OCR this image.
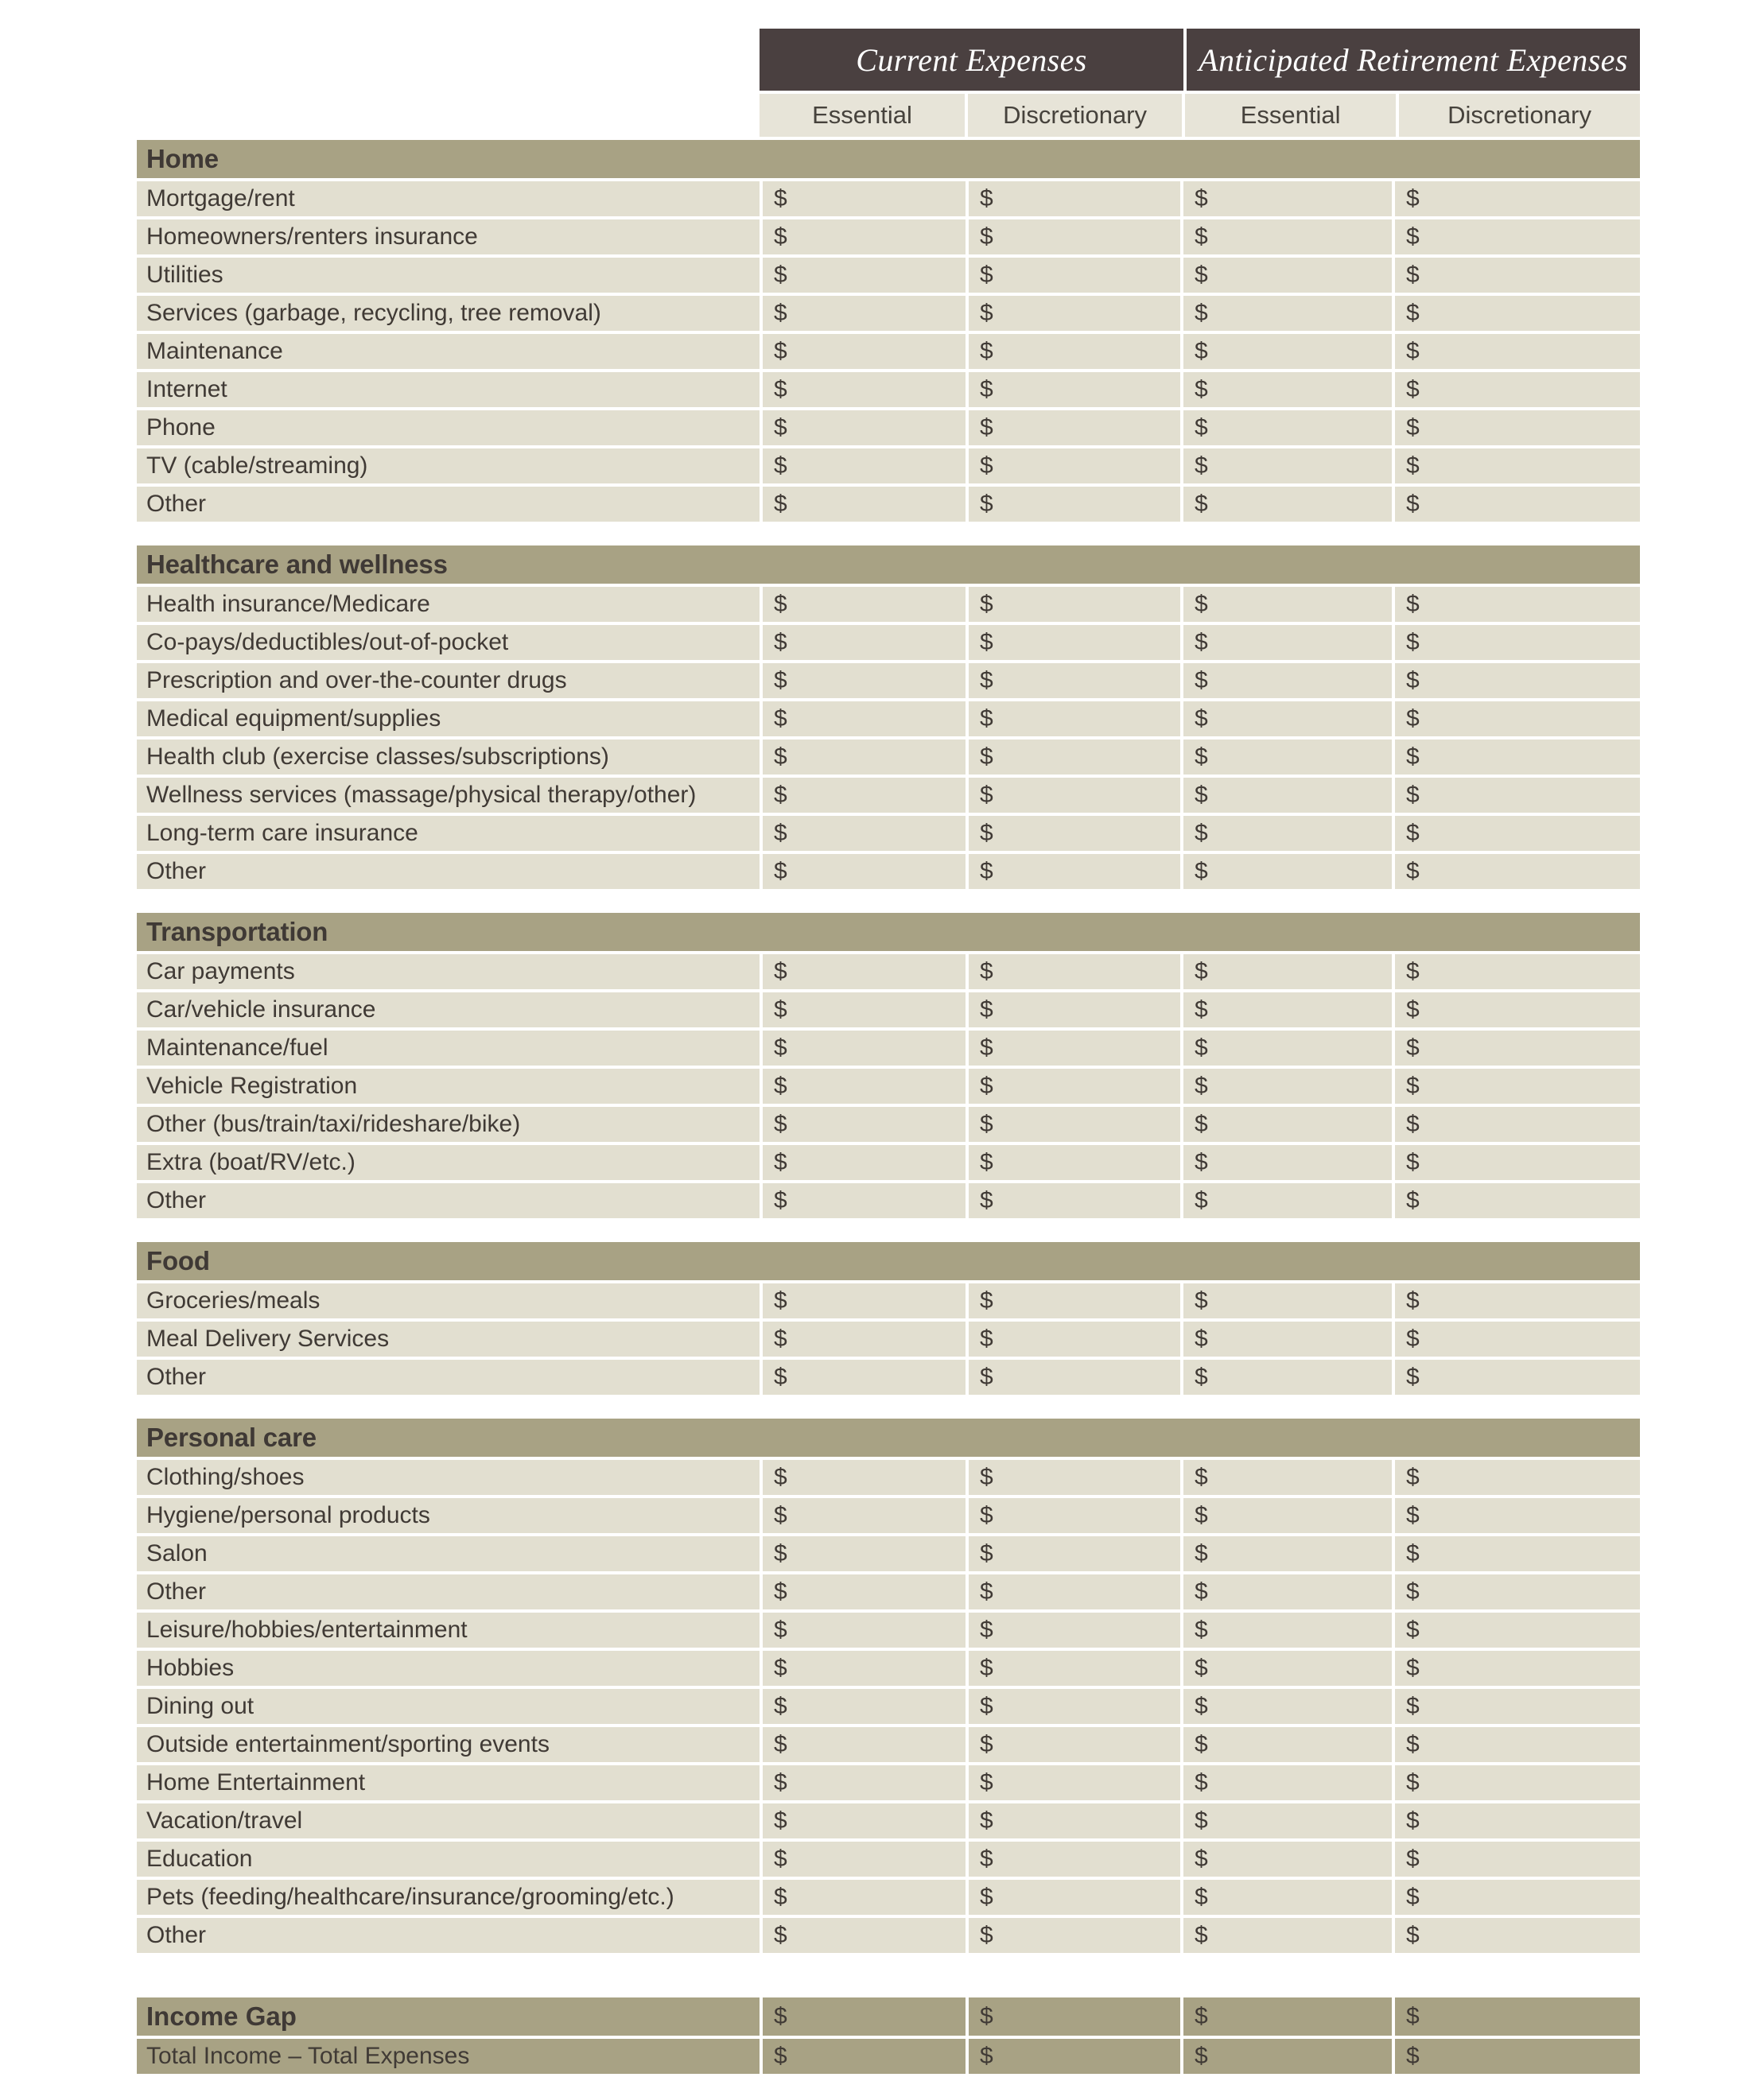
Current Expenses	Anticipated Retirement Expenses
Essential	Discretionary	Essential	Discretionary
Home
Mortgage/rent	$	$	$	$
Homeowners/renters insurance	$	$	$	$
Utilities	$	$	$	$
Services (garbage, recycling, tree removal)	$	$	$	$
Maintenance	$	$	$	$
Internet	$	$	$	$
Phone	$	$	$	$
TV (cable/streaming)	$	$	$	$
Other	$	$	$	$
Healthcare and wellness
Health insurance/Medicare	$	$	$	$
Co-pays/deductibles/out-of-pocket	$	$	$	$
Prescription and over-the-counter drugs	$	$	$	$
Medical equipment/supplies	$	$	$	$
Health club (exercise classes/subscriptions)	$	$	$	$
Wellness services (massage/physical therapy/other)	$	$	$	$
Long-term care insurance	$	$	$	$
Other	$	$	$	$
Transportation
Car payments	$	$	$	$
Car/vehicle insurance	$	$	$	$
Maintenance/fuel	$	$	$	$
Vehicle Registration	$	$	$	$
Other (bus/train/taxi/rideshare/bike)	$	$	$	$
Extra (boat/RV/etc.)	$	$	$	$
Other	$	$	$	$
Food
Groceries/meals	$	$	$	$
Meal Delivery Services	$	$	$	$
Other	$	$	$	$
Personal care
Clothing/shoes	$	$	$	$
Hygiene/personal products	$	$	$	$
Salon	$	$	$	$
Other	$	$	$	$
Leisure/hobbies/entertainment	$	$	$	$
Hobbies	$	$	$	$
Dining out	$	$	$	$
Outside entertainment/sporting events	$	$	$	$
Home Entertainment	$	$	$	$
Vacation/travel	$	$	$	$
Education	$	$	$	$
Pets (feeding/healthcare/insurance/grooming/etc.)	$	$	$	$
Other	$	$	$	$
Income Gap	$	$	$	$
Total Income – Total Expenses	$	$	$	$
